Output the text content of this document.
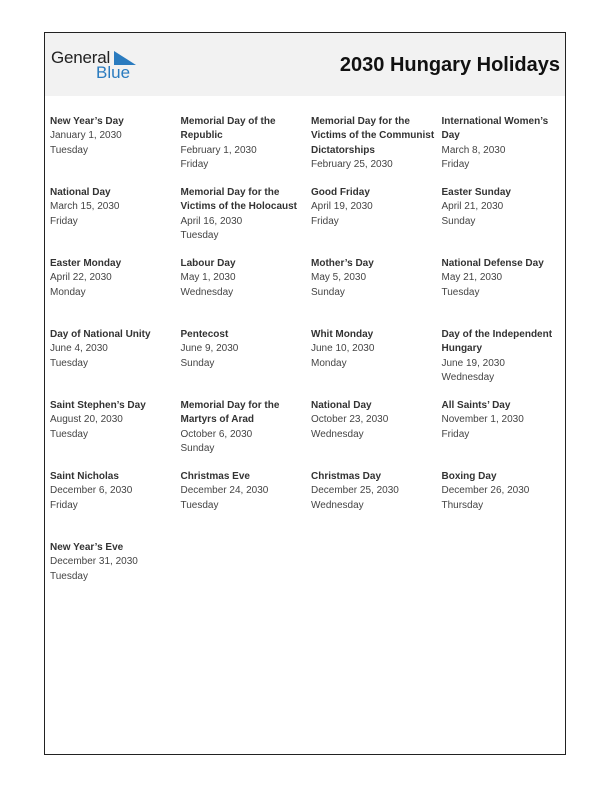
General
Blue	2030 Hungary Holidays
New Year’s Day
January 1, 2030
Tuesday
Memorial Day of the Republic
February 1, 2030
Friday
Memorial Day for the Victims of the Communist Dictatorships
February 25, 2030
International Women’s Day
March 8, 2030
Friday
National Day
March 15, 2030
Friday
Memorial Day for the Victims of the Holocaust
April 16, 2030
Tuesday
Good Friday
April 19, 2030
Friday
Easter Sunday
April 21, 2030
Sunday
Easter Monday
April 22, 2030
Monday
Labour Day
May 1, 2030
Wednesday
Mother’s Day
May 5, 2030
Sunday
National Defense Day
May 21, 2030
Tuesday
Day of National Unity
June 4, 2030
Tuesday
Pentecost
June 9, 2030
Sunday
Whit Monday
June 10, 2030
Monday
Day of the Independent Hungary
June 19, 2030
Wednesday
Saint Stephen’s Day
August 20, 2030
Tuesday
Memorial Day for the Martyrs of Arad
October 6, 2030
Sunday
National Day
October 23, 2030
Wednesday
All Saints’ Day
November 1, 2030
Friday
Saint Nicholas
December 6, 2030
Friday
Christmas Eve
December 24, 2030
Tuesday
Christmas Day
December 25, 2030
Wednesday
Boxing Day
December 26, 2030
Thursday
New Year’s Eve
December 31, 2030
Tuesday
